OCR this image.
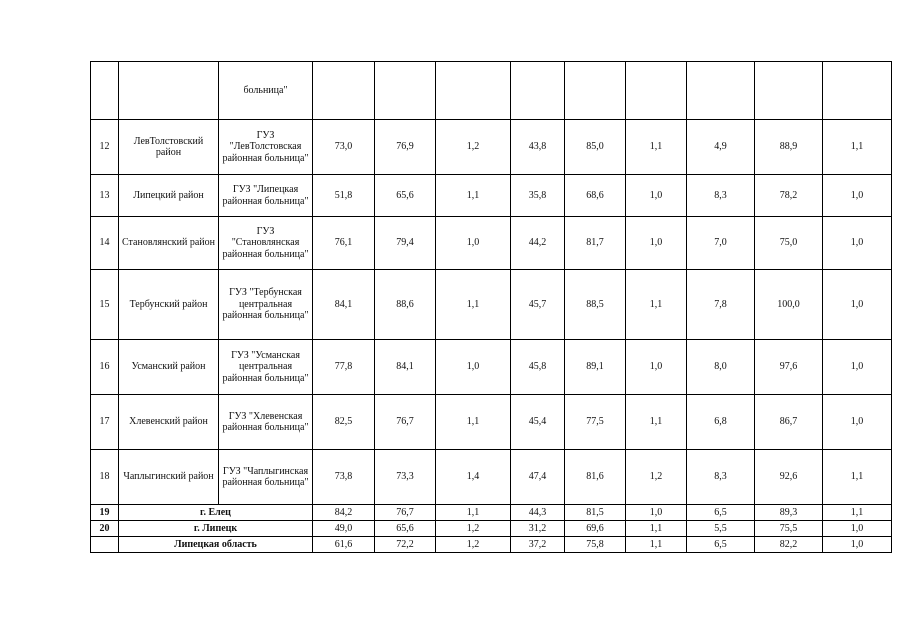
		больница"									
12	ЛевТолстовский район	ГУЗ "ЛевТолстовская районная больница"	73,0	76,9	1,2	43,8	85,0	1,1	4,9	88,9	1,1
13	Липецкий район	ГУЗ "Липецкая районная больница"	51,8	65,6	1,1	35,8	68,6	1,0	8,3	78,2	1,0
14	Становлянский район	ГУЗ "Становлянская районная больница"	76,1	79,4	1,0	44,2	81,7	1,0	7,0	75,0	1,0
15	Тербунский район	ГУЗ "Тербунская центральная районная больница"	84,1	88,6	1,1	45,7	88,5	1,1	7,8	100,0	1,0
16	Усманский район	ГУЗ "Усманская центральная районная больница"	77,8	84,1	1,0	45,8	89,1	1,0	8,0	97,6	1,0
17	Хлевенский район	ГУЗ "Хлевенская районная больница"	82,5	76,7	1,1	45,4	77,5	1,1	6,8	86,7	1,0
18	Чаплыгинский район	ГУЗ "Чаплыгинская районная больница"	73,8	73,3	1,4	47,4	81,6	1,2	8,3	92,6	1,1
19	г. Елец		84,2	76,7	1,1	44,3	81,5	1,0	6,5	89,3	1,1
20	г. Липецк		49,0	65,6	1,2	31,2	69,6	1,1	5,5	75,5	1,0
	Липецкая область		61,6	72,2	1,2	37,2	75,8	1,1	6,5	82,2	1,0
